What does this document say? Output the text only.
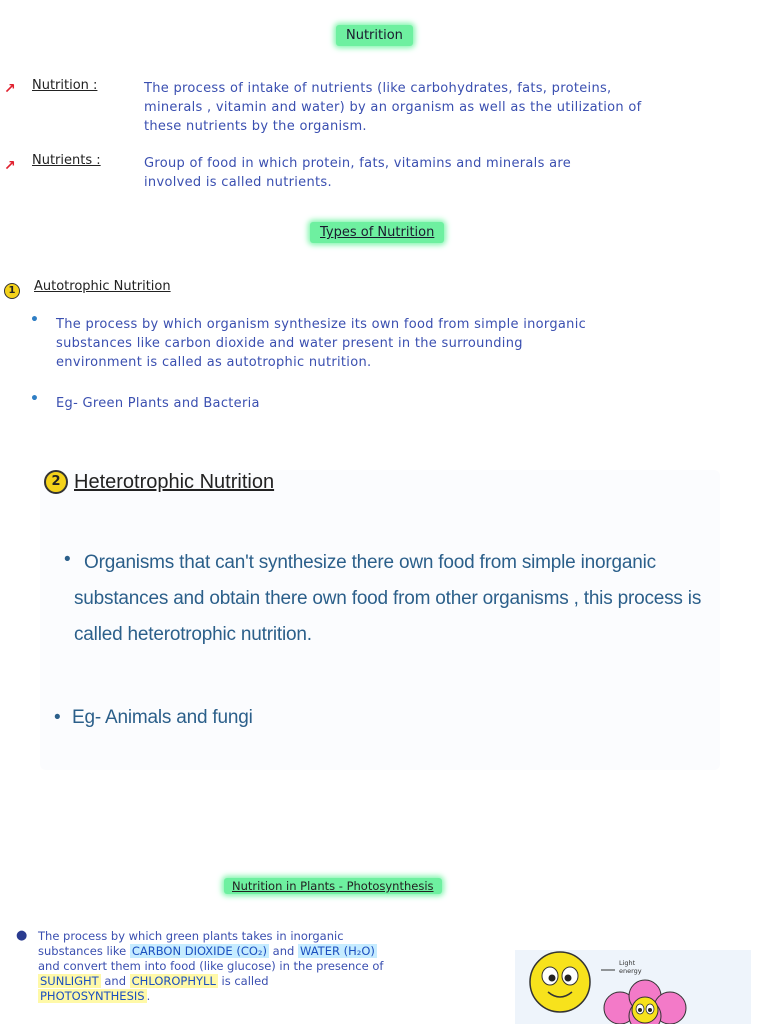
Nutrition
↗ Nutrition :	The process of intake of nutrients (like carbohydrates, fats, proteins,
minerals , vitamin and water) by an organism as well as the utilization of
these nutrients by the organism.
↗ Nutrients :	Group of food in which protein, fats, vitamins and minerals are
involved is called nutrients.
Types of Nutrition
1	Autotrophic Nutrition
• The process by which organism synthesize its own food from simple inorganic
substances like carbon dioxide and water present in the surrounding
environment is called as autotrophic nutrition.
• Eg- Green Plants and Bacteria
2 Heterotrophic Nutrition
• Organisms that can't synthesize there own food from simple inorganic
substances and obtain there own food from other organisms , this process is
called heterotrophic nutrition.
• Eg- Animals and fungi
Nutrition in Plants - Photosynthesis
● The process by which green plants takes in inorganic
substances like CARBON DIOXIDE (CO₂) and WATER (H₂O)
and convert them into food (like glucose) in the presence of
SUNLIGHT and CHLOROPHYLL is called
PHOTOSYNTHESIS .
Light
energy
